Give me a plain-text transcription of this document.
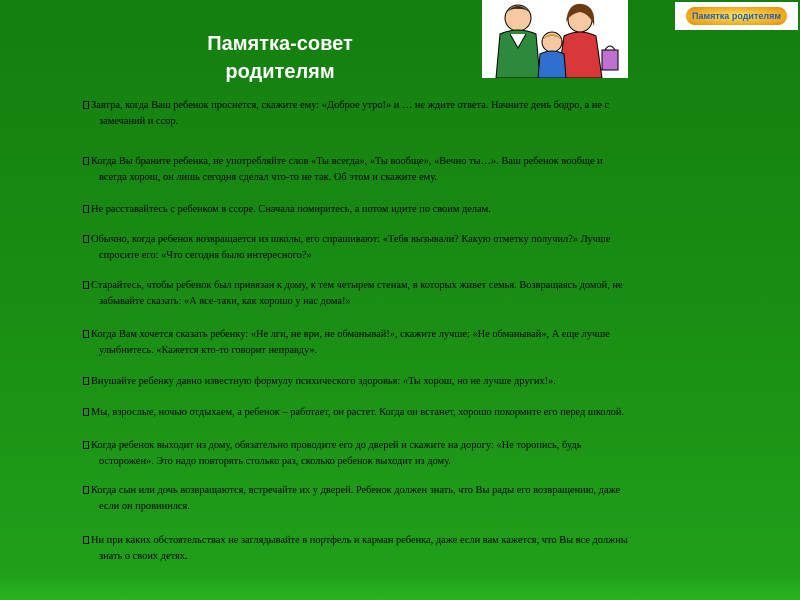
Памятка-совет
родителям
Памятка родителям
Завтра, когда Ваш ребенок проснется, скажите ему: «Доброе утро!» и … не ждите ответа. Начните день бодро, а не с
замечаний и ссор.
Когда Вы браните ребенка, не употребляйте слов «Ты всегда», «Ты вообще», «Вечно ты…». Ваш ребенок вообще и
всегда хорош, он лишь сегодня сделал что-то не так. Об этом и скажите ему.
Не расставайтесь с ребенком в ссоре. Сначала помиритесь, а потом идите по своим делам.
Обычно, когда ребенок возвращается из школы, его спрашивают: «Тебя вызывали? Какую отметку получил?» Лучше
спросите его: «Что сегодня было интересного?»
Старайтесь, чтобы ребенок был привязан к дому, к тем четырем стенам, в которых живет семья. Возвращаясь домой, не
забывайте сказать: «А все-таки, как хорошо у нас дома!»
Когда Вам хочется сказать ребенку: «Не лги, не ври, не обманывай!», скажите лучше: «Не обманывай», А еще лучше
улыбнитесь. «Кажется кто-то говорит неправду».
Внушайте ребенку давно известную формулу психического здоровья: «Ты хорош, но не лучше других!».
Мы, взрослые, ночью отдыхаем, а ребенок – работает, он растет. Когда он встанет, хорошо покормите его перед школой.
Когда ребенок выходит из дому, обязательно проводите его до дверей и скажите на дорогу: «Не торопись, будь
осторожен». Это надо повторять столько раз, сколько ребенок выходит из дому.
Когда сын или дочь возвращаются, встречайте их у дверей. Ребенок должен знать, что Вы рады его возвращению, даже
если он провинился.
Ни при каких обстоятельствах не заглядывайте в портфель и карман ребенка, даже если вам кажется, что Вы все должны
знать о своих детях.
